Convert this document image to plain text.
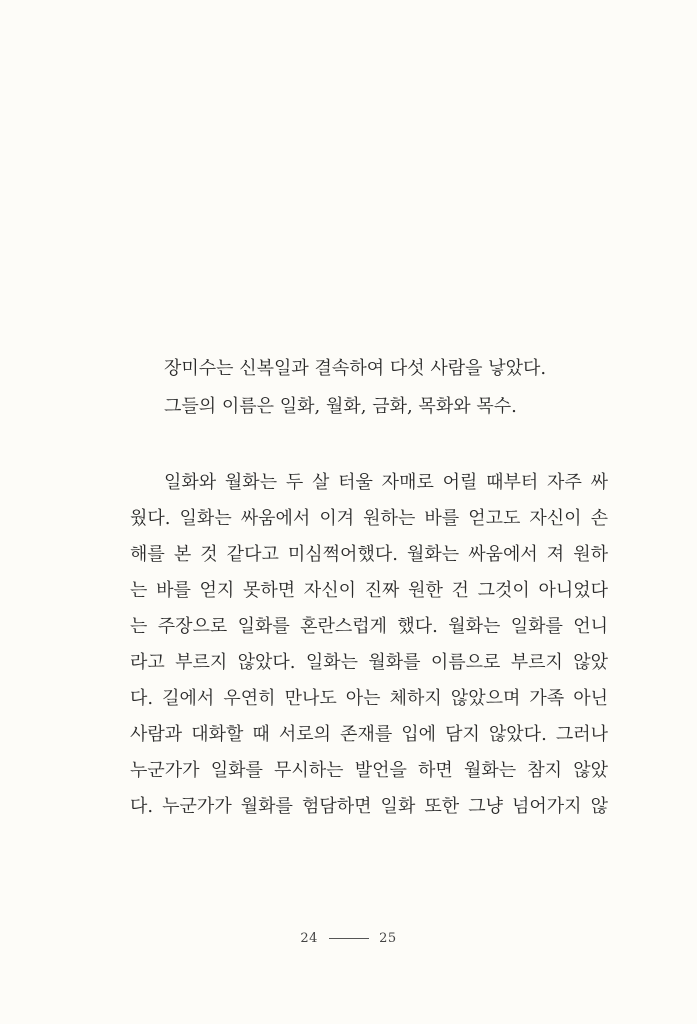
장미수는 신복일과 결속하여 다섯 사람을 낳았다.
그들의 이름은 일화, 월화, 금화, 목화와 목수.
일화와 월화는 두 살 터울 자매로 어릴 때부터 자주 싸
웠다. 일화는 싸움에서 이겨 원하는 바를 얻고도 자신이 손
해를 본 것 같다고 미심쩍어했다. 월화는 싸움에서 져 원하
는 바를 얻지 못하면 자신이 진짜 원한 건 그것이 아니었다
는 주장으로 일화를 혼란스럽게 했다. 월화는 일화를 언니
라고 부르지 않았다. 일화는 월화를 이름으로 부르지 않았
다. 길에서 우연히 만나도 아는 체하지 않았으며 가족 아닌
사람과 대화할 때 서로의 존재를 입에 담지 않았다. 그러나
누군가가 일화를 무시하는 발언을 하면 월화는 참지 않았
다. 누군가가 월화를 험담하면 일화 또한 그냥 넘어가지 않
24	25
